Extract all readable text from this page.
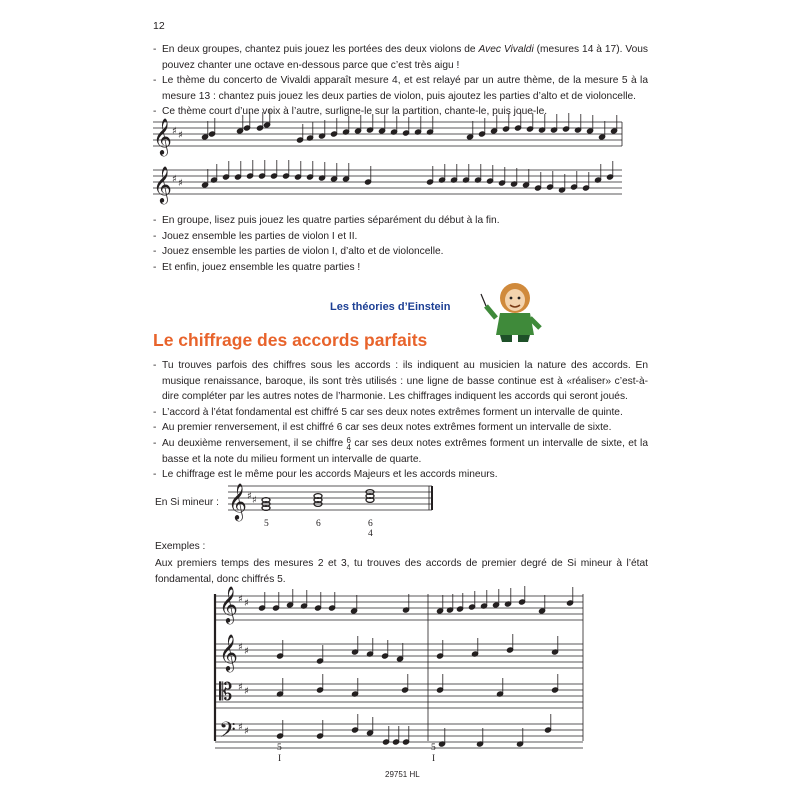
12
- En deux groupes, chantez puis jouez les portées des deux violons de Avec Vivaldi (mesures 14 à 17). Vous
pouvez chanter une octave en-dessous parce que c’est très aigu !
- Le thème du concerto de Vivaldi apparaît mesure 4, et est relayé par un autre thème, de la mesure 5 à la
mesure 13 : chantez puis jouez les deux parties de violon, puis ajoutez les parties d’alto et de violoncelle.
- Ce thème court d’une voix à l’autre, surligne-le sur la partition, chante-le, puis joue-le.
- En groupe, lisez puis jouez les quatre parties séparément du début à la fin.
- Jouez ensemble les parties de violon I et II.
- Jouez ensemble les parties de violon I, d’alto et de violoncelle.
- Et enfin, jouez ensemble les quatre parties !
Les théories d’Einstein
Le chiffrage des accords parfaits
- Tu trouves parfois des chiffres sous les accords : ils indiquent au musicien la nature des accords. En
musique renaissance, baroque, ils sont très utilisés : une ligne de basse continue est à «réaliser» c’est-à-
dire compléter par les autres notes de l’harmonie. Les chiffrages indiquent les accords qui seront joués.
- L’accord à l’état fondamental est chiffré 5 car ses deux notes extrêmes forment un intervalle de quinte.
- Au premier renversement, il est chiffré 6 car ses deux notes extrêmes forment un intervalle de sixte.
- Au deuxième renversement, il se chiffre 6
4 car ses deux notes extrêmes forment un intervalle de sixte, et la
basse et la note du milieu forment un intervalle de quarte.
- Le chiffrage est le même pour les accords Majeurs et les accords mineurs.
En Si mineur :
5	6	6
4
Exemples :
Aux premiers temps des mesures 2 et 3, tu trouves des accords de premier degré de Si mineur à l’état
fondamental, donc chiffrés 5.
5
I
5
I
29751 HL
𝄞
𝄞
𝄞
𝄞
𝄞
𝄡
𝄢
♯ ♯
♯ ♯
♯ ♯
♯ ♯
♯ ♯
♯ ♯
♯ ♯
